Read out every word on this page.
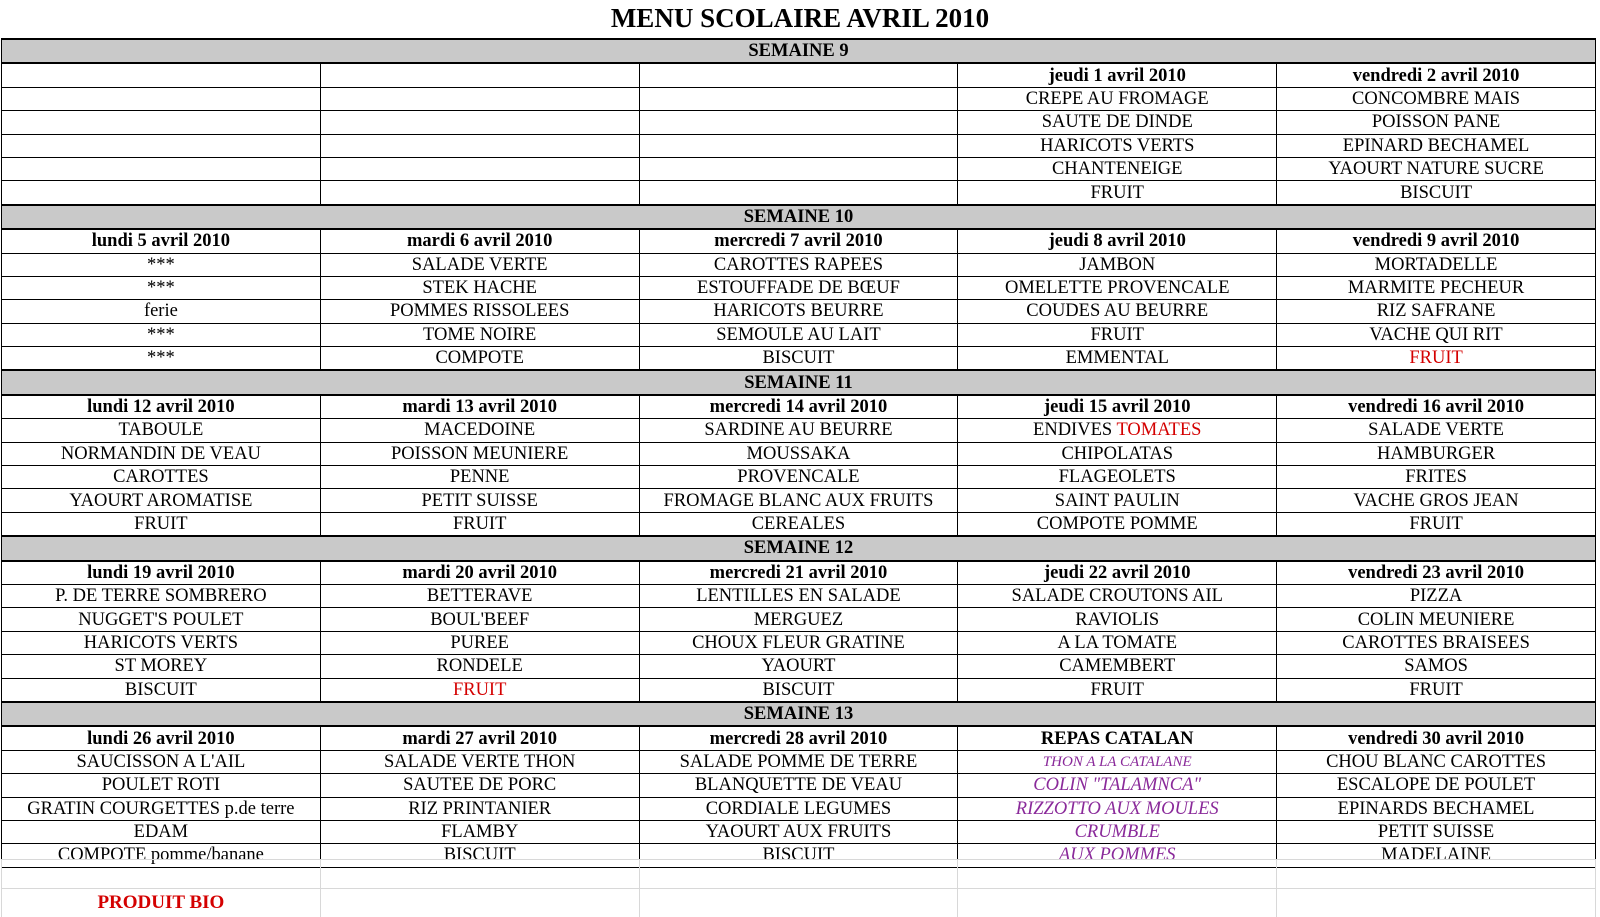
MENU SCOLAIRE AVRIL 2010
SEMAINE 9				
			jeudi 1 avril 2010	vendredi 2 avril 2010
			CREPE AU FROMAGE	CONCOMBRE MAIS
			SAUTE DE DINDE	POISSON PANE
			HARICOTS VERTS	EPINARD BECHAMEL
			CHANTENEIGE	YAOURT NATURE SUCRE
			FRUIT	BISCUIT
SEMAINE 10				
lundi 5 avril 2010	mardi 6 avril 2010	mercredi 7 avril 2010	jeudi 8 avril 2010	vendredi 9 avril 2010
***	SALADE VERTE	CAROTTES RAPEES	JAMBON	MORTADELLE
***	STEK HACHE	ESTOUFFADE DE BŒUF	OMELETTE PROVENCALE	MARMITE PECHEUR
ferie	POMMES RISSOLEES	HARICOTS BEURRE	COUDES AU BEURRE	RIZ SAFRANE
***	TOME NOIRE	SEMOULE AU LAIT	FRUIT	VACHE QUI RIT
***	COMPOTE	BISCUIT	EMMENTAL	FRUIT
SEMAINE 11				
lundi 12 avril 2010	mardi 13 avril 2010	mercredi 14 avril 2010	jeudi 15 avril 2010	vendredi 16 avril 2010
TABOULE	MACEDOINE	SARDINE AU BEURRE	ENDIVES TOMATES	SALADE VERTE
NORMANDIN DE VEAU	POISSON MEUNIERE	MOUSSAKA	CHIPOLATAS	HAMBURGER
CAROTTES	PENNE	PROVENCALE	FLAGEOLETS	FRITES
YAOURT AROMATISE	PETIT SUISSE	FROMAGE BLANC AUX FRUITS	SAINT PAULIN	VACHE GROS JEAN
FRUIT	FRUIT	CEREALES	COMPOTE POMME	FRUIT
SEMAINE 12				
lundi 19 avril 2010	mardi 20 avril 2010	mercredi 21 avril 2010	jeudi 22 avril 2010	vendredi 23 avril 2010
P. DE TERRE SOMBRERO	BETTERAVE	LENTILLES EN SALADE	SALADE CROUTONS AIL	PIZZA
NUGGET'S POULET	BOUL'BEEF	MERGUEZ	RAVIOLIS	COLIN MEUNIERE
HARICOTS VERTS	PUREE	CHOUX FLEUR GRATINE	A LA TOMATE	CAROTTES BRAISEES
ST MOREY	RONDELE	YAOURT	CAMEMBERT	SAMOS
BISCUIT	FRUIT	BISCUIT	FRUIT	FRUIT
SEMAINE 13				
lundi 26 avril 2010	mardi 27 avril 2010	mercredi 28 avril 2010	REPAS CATALAN	vendredi 30 avril 2010
SAUCISSON A L'AIL	SALADE VERTE THON	SALADE POMME DE TERRE	THON A LA CATALANE	CHOU BLANC CAROTTES
POULET ROTI	SAUTEE DE PORC	BLANQUETTE DE VEAU	COLIN "TALAMNCA"	ESCALOPE DE POULET
GRATIN COURGETTES p.de terre	RIZ PRINTANIER	CORDIALE LEGUMES	RIZZOTTO AUX MOULES	EPINARDS BECHAMEL
EDAM	FLAMBY	YAOURT AUX FRUITS	CRUMBLE	PETIT SUISSE
COMPOTE pomme/banane	BISCUIT	BISCUIT	AUX POMMES	MADELAINE

PRODUIT BIO				
